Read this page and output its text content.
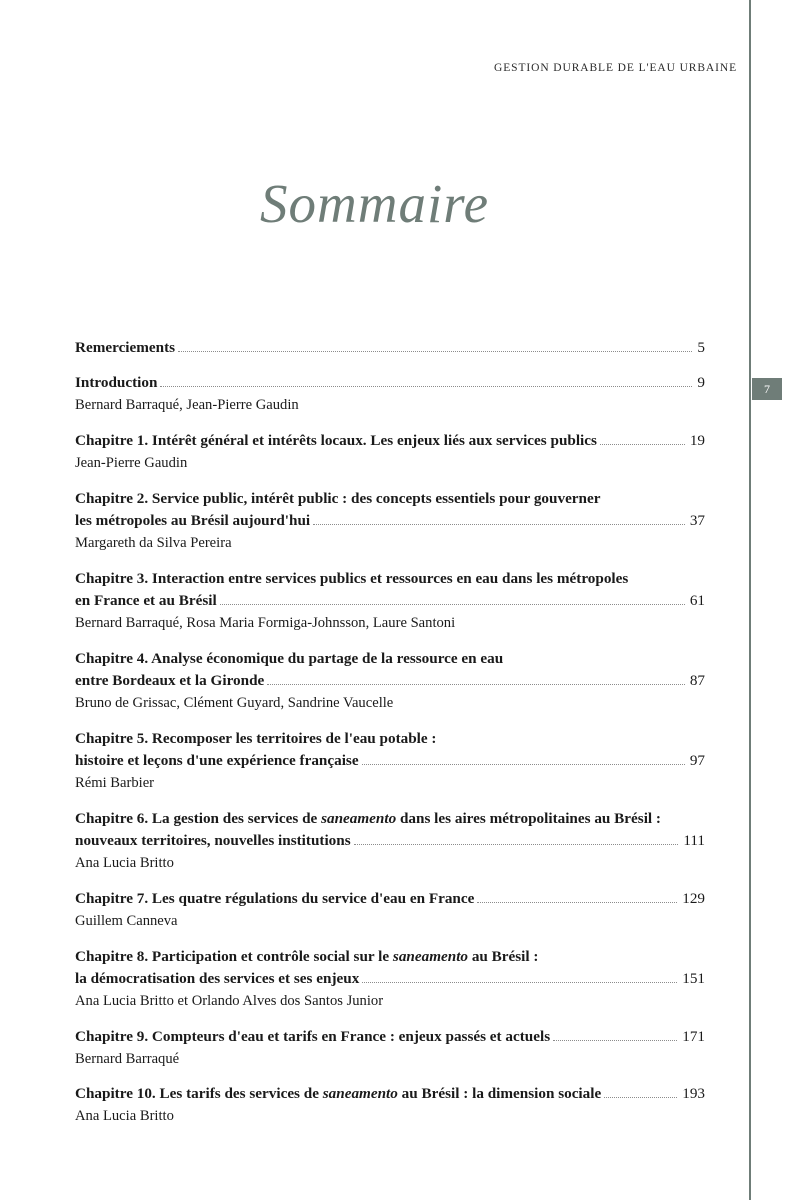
GESTION DURABLE DE L'EAU URBAINE
7
Sommaire
Remerciements	5
Introduction	9
Bernard Barraqué, Jean-Pierre Gaudin
Chapitre 1. Intérêt général et intérêts locaux. Les enjeux liés aux services publics	19
Jean-Pierre Gaudin
Chapitre 2. Service public, intérêt public : des concepts essentiels pour gouverner
les métropoles au Brésil aujourd'hui	37
Margareth da Silva Pereira
Chapitre 3. Interaction entre services publics et ressources en eau dans les métropoles
en France et au Brésil	61
Bernard Barraqué, Rosa Maria Formiga-Johnsson, Laure Santoni
Chapitre 4. Analyse économique du partage de la ressource en eau
entre Bordeaux et la Gironde	87
Bruno de Grissac, Clément Guyard, Sandrine Vaucelle
Chapitre 5. Recomposer les territoires de l'eau potable :
histoire et leçons d'une expérience française	97
Rémi Barbier
Chapitre 6. La gestion des services de saneamento dans les aires métropolitaines au Brésil :
nouveaux territoires, nouvelles institutions	111
Ana Lucia Britto
Chapitre 7. Les quatre régulations du service d'eau en France	129
Guillem Canneva
Chapitre 8. Participation et contrôle social sur le saneamento au Brésil :
la démocratisation des services et ses enjeux	151
Ana Lucia Britto et Orlando Alves dos Santos Junior
Chapitre 9. Compteurs d'eau et tarifs en France : enjeux passés et actuels	171
Bernard Barraqué
Chapitre 10. Les tarifs des services de saneamento au Brésil : la dimension sociale	193
Ana Lucia Britto
